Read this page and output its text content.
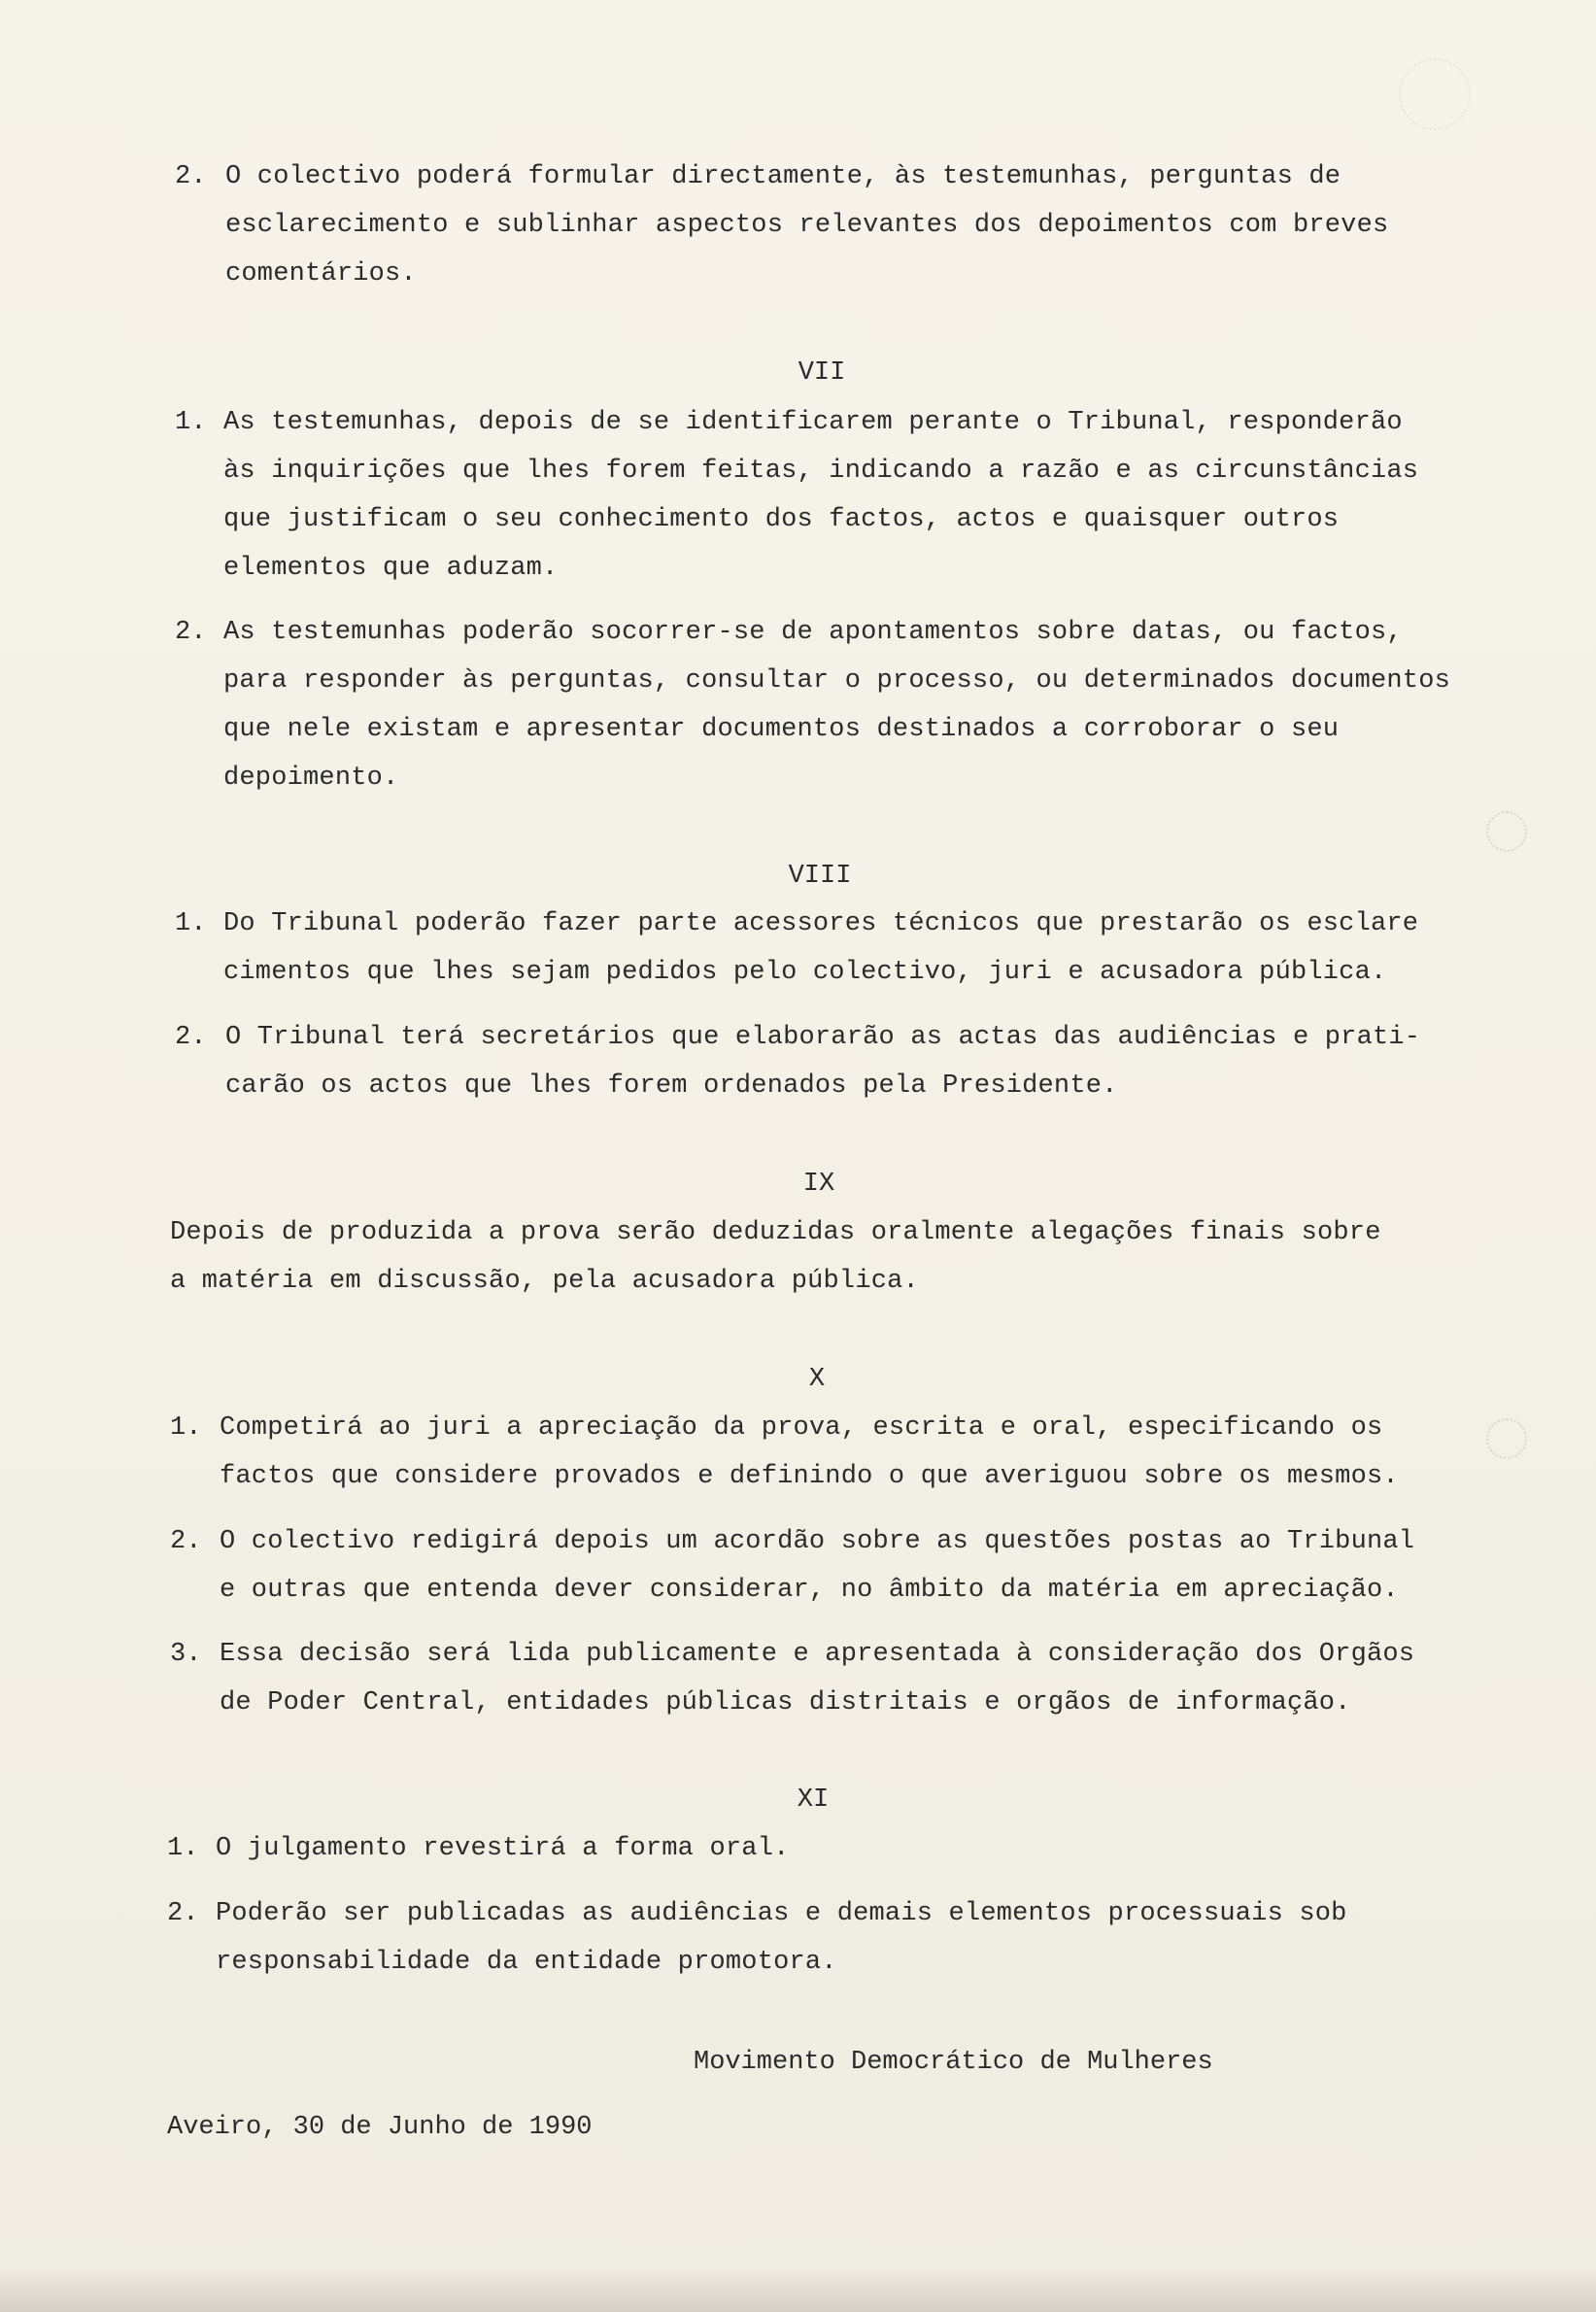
2. O colectivo poderá formular directamente, às testemunhas, perguntas de
esclarecimento e sublinhar aspectos relevantes dos depoimentos com breves
comentários.
VII
1. As testemunhas, depois de se identificarem perante o Tribunal, responderão
às inquirições que lhes forem feitas, indicando a razão e as circunstâncias
que justificam o seu conhecimento dos factos, actos e quaisquer outros
elementos que aduzam.
2. As testemunhas poderão socorrer-se de apontamentos sobre datas, ou factos,
para responder às perguntas, consultar o processo, ou determinados documentos
que nele existam e apresentar documentos destinados a corroborar o seu
depoimento.
VIII
1. Do Tribunal poderão fazer parte acessores técnicos que prestarão os esclare
cimentos que lhes sejam pedidos pelo colectivo, juri e acusadora pública.
2. O Tribunal terá secretários que elaborarão as actas das audiências e prati-
carão os actos que lhes forem ordenados pela Presidente.
IX
Depois de produzida a prova serão deduzidas oralmente alegações finais sobre
a matéria em discussão, pela acusadora pública.
X
1. Competirá ao juri a apreciação da prova, escrita e oral, especificando os
factos que considere provados e definindo o que averiguou sobre os mesmos.
2. O colectivo redigirá depois um acordão sobre as questões postas ao Tribunal
e outras que entenda dever considerar, no âmbito da matéria em apreciação.
3. Essa decisão será lida publicamente e apresentada à consideração dos Orgãos
de Poder Central, entidades públicas distritais e orgãos de informação.
XI
1. O julgamento revestirá a forma oral.
2. Poderão ser publicadas as audiências e demais elementos processuais sob
responsabilidade da entidade promotora.
Movimento Democrático de Mulheres
Aveiro, 30 de Junho de 1990
